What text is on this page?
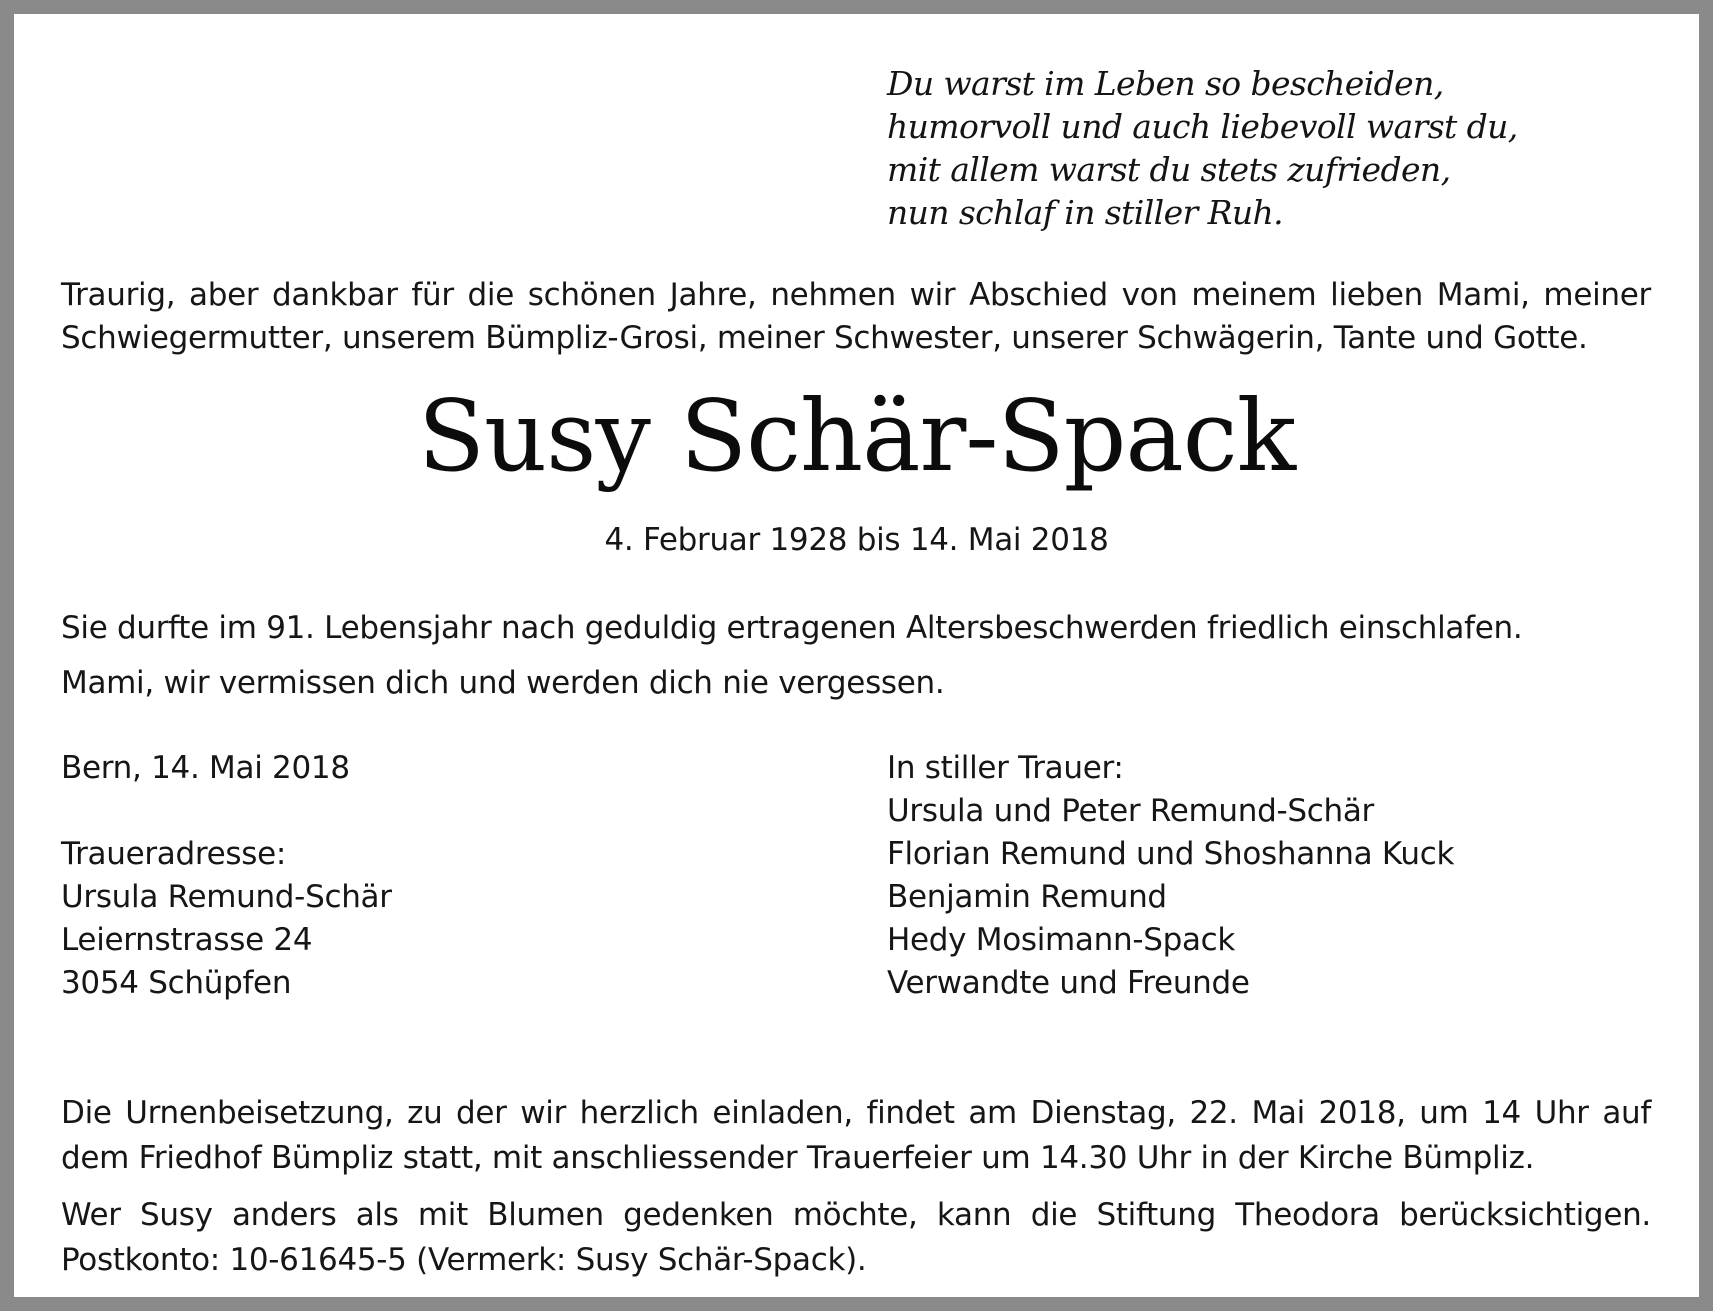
Du warst im Leben so bescheiden,
humorvoll und auch liebevoll warst du,
mit allem warst du stets zufrieden,
nun schlaf in stiller Ruh.
Traurig, aber dankbar für die schönen Jahre, nehmen wir Abschied von meinem lieben Mami, meiner Schwiegermutter, unserem Bümpliz-Grosi, meiner Schwester, unserer Schwägerin, Tante und Gotte.
Susy Schär-Spack
4. Februar 1928 bis 14. Mai 2018
Sie durfte im 91. Lebensjahr nach geduldig ertragenen Altersbeschwerden friedlich einschlafen.
Mami, wir vermissen dich und werden dich nie vergessen.
Bern, 14. Mai 2018
Traueradresse:
Ursula Remund-Schär
Leiernstrasse 24
3054 Schüpfen
In stiller Trauer:
Ursula und Peter Remund-Schär
Florian Remund und Shoshanna Kuck
Benjamin Remund
Hedy Mosimann-Spack
Verwandte und Freunde
Die Urnenbeisetzung, zu der wir herzlich einladen, findet am Dienstag, 22. Mai 2018, um 14 Uhr auf dem Friedhof Bümpliz statt, mit anschliessender Trauerfeier um 14.30 Uhr in der Kirche Bümpliz.
Wer Susy anders als mit Blumen gedenken möchte, kann die Stiftung Theodora berücksichtigen. Postkonto: 10-61645-5 (Vermerk: Susy Schär-Spack).
